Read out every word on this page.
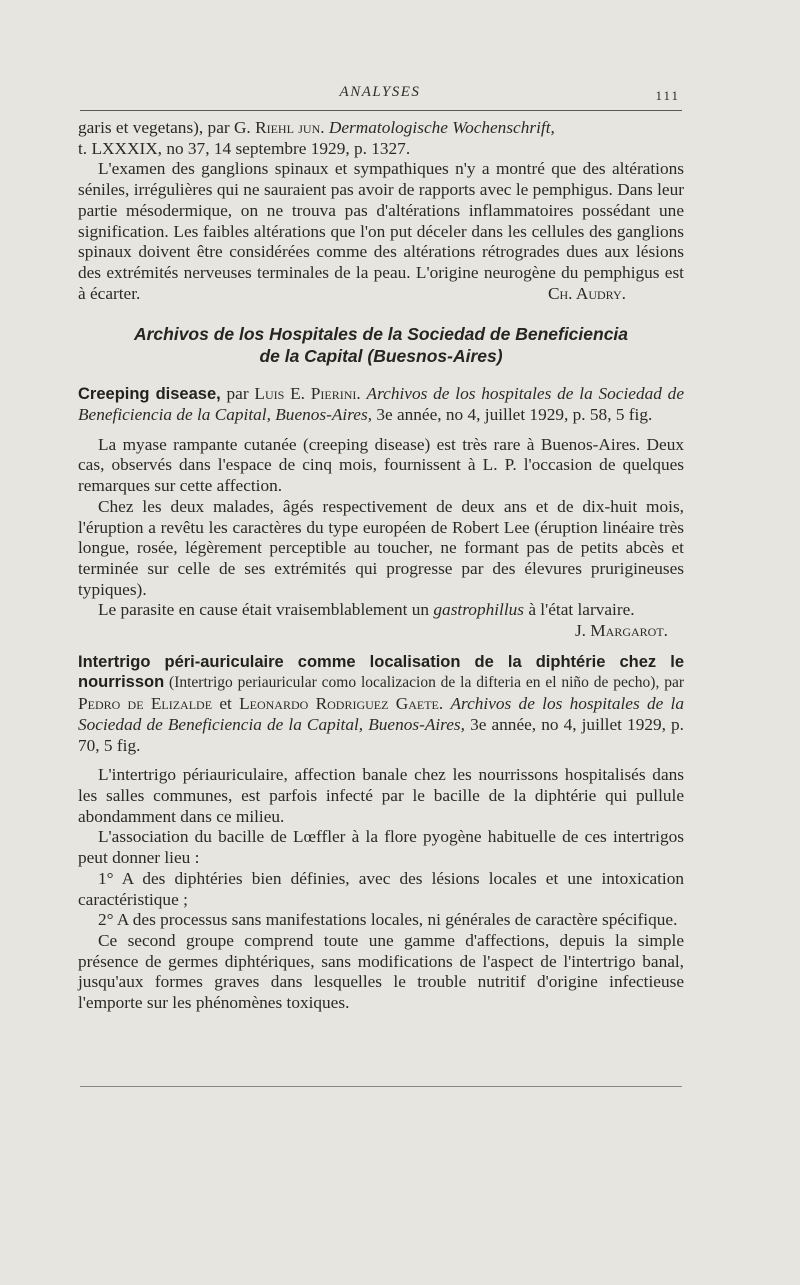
ANALYSES	111

garis et vegetans), par G. Riehl jun. Dermatologische Wochenschrift,
t. LXXXIX, no 37, 14 septembre 1929, p. 1327.

L'examen des ganglions spinaux et sympathiques n'y a montré que des altérations séniles, irrégulières qui ne sauraient pas avoir de rapports avec le pemphigus. Dans leur partie mésodermique, on ne trouva pas d'altérations inflammatoires possédant une signification. Les faibles altérations que l'on put déceler dans les cellules des ganglions spinaux doivent être considérées comme des altérations rétrogrades dues aux lésions des extrémités nerveuses terminales de la peau. L'origine neurogène du pemphigus est à écarter.	Ch. Audry.

Archivos de los Hospitales de la Sociedad de Beneficiencia
de la Capital (Buesnos-Aires)

Creeping disease, par Luis E. Pierini. Archivos de los hospitales de la Sociedad de Beneficiencia de la Capital, Buenos-Aires, 3e année, no 4, juillet 1929, p. 58, 5 fig.

La myase rampante cutanée (creeping disease) est très rare à Buenos-Aires. Deux cas, observés dans l'espace de cinq mois, fournissent à L. P. l'occasion de quelques remarques sur cette affection.

Chez les deux malades, âgés respectivement de deux ans et de dix-huit mois, l'éruption a revêtu les caractères du type européen de Robert Lee (éruption linéaire très longue, rosée, légèrement perceptible au toucher, ne formant pas de petits abcès et terminée sur celle de ses extrémités qui progresse par des élevures prurigineuses typiques).

Le parasite en cause était vraisemblablement un gastrophillus à l'état larvaire.

J. Margarot.

Intertrigo péri-auriculaire comme localisation de la diphtérie chez le nourrisson (Intertrigo periauricular como localizacion de la difteria en el niño de pecho), par Pedro de Elizalde et Leonardo Rodriguez Gaete. Archivos de los hospitales de la Sociedad de Beneficiencia de la Capital, Buenos-Aires, 3e année, no 4, juillet 1929, p. 70, 5 fig.

L'intertrigo périauriculaire, affection banale chez les nourrissons hospitalisés dans les salles communes, est parfois infecté par le bacille de la diphtérie qui pullule abondamment dans ce milieu.

L'association du bacille de Lœffler à la flore pyogène habituelle de ces intertrigos peut donner lieu :

1° A des diphtéries bien définies, avec des lésions locales et une intoxication caractéristique ;

2° A des processus sans manifestations locales, ni générales de caractère spécifique.

Ce second groupe comprend toute une gamme d'affections, depuis la simple présence de germes diphtériques, sans modifications de l'aspect de l'intertrigo banal, jusqu'aux formes graves dans lesquelles le trouble nutritif d'origine infectieuse l'emporte sur les phénomènes toxiques.
